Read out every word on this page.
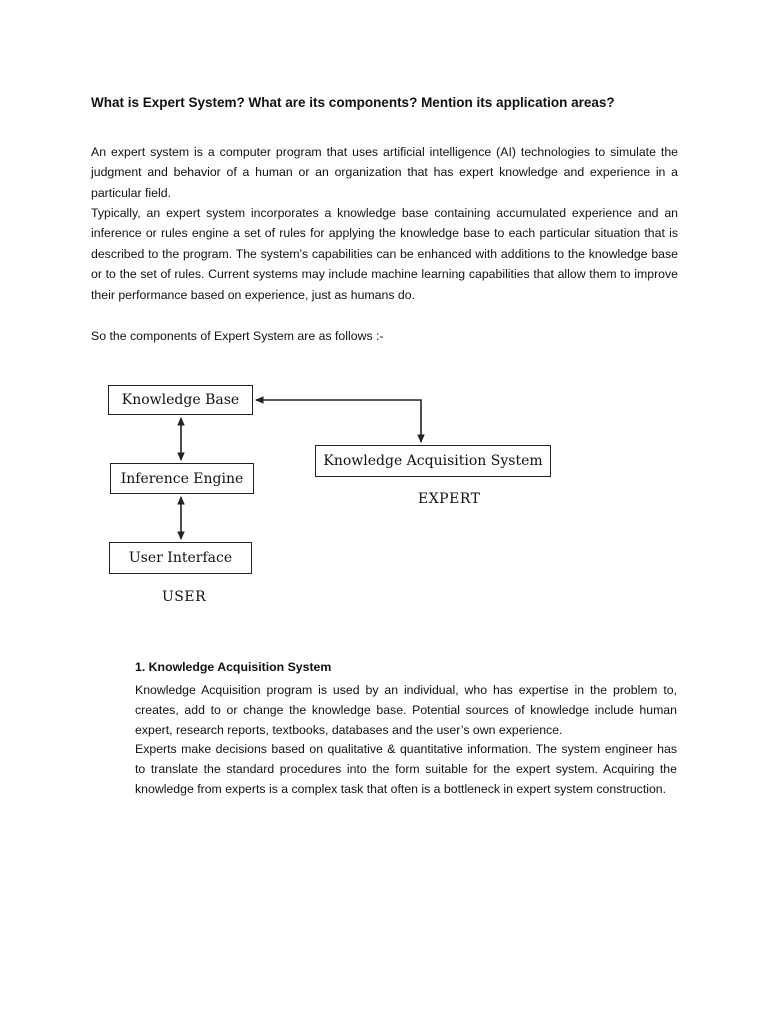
What is Expert System? What are its components? Mention its application areas?

An expert system is a computer program that uses artificial intelligence (AI) technologies to simulate the judgment and behavior of a human or an organization that has expert knowledge and experience in a particular field.

Typically, an expert system incorporates a knowledge base containing accumulated experience and an inference or rules engine a set of rules for applying the knowledge base to each particular situation that is described to the program. The system's capabilities can be enhanced with additions to the knowledge base or to the set of rules. Current systems may include machine learning capabilities that allow them to improve their performance based on experience, just as humans do.

So the components of Expert System are as follows :-

Knowledge Base
Inference Engine
User Interface
Knowledge Acquisition System
EXPERT
USER
1. Knowledge Acquisition System

Knowledge Acquisition program is used by an individual, who has expertise in the problem to, creates, add to or change the knowledge base. Potential sources of knowledge include human expert, research reports, textbooks, databases and the user’s own experience.

Experts make decisions based on qualitative & quantitative information. The system engineer has to translate the standard procedures into the form suitable for the expert system. Acquiring the knowledge from experts is a complex task that often is a bottleneck in expert system construction.
